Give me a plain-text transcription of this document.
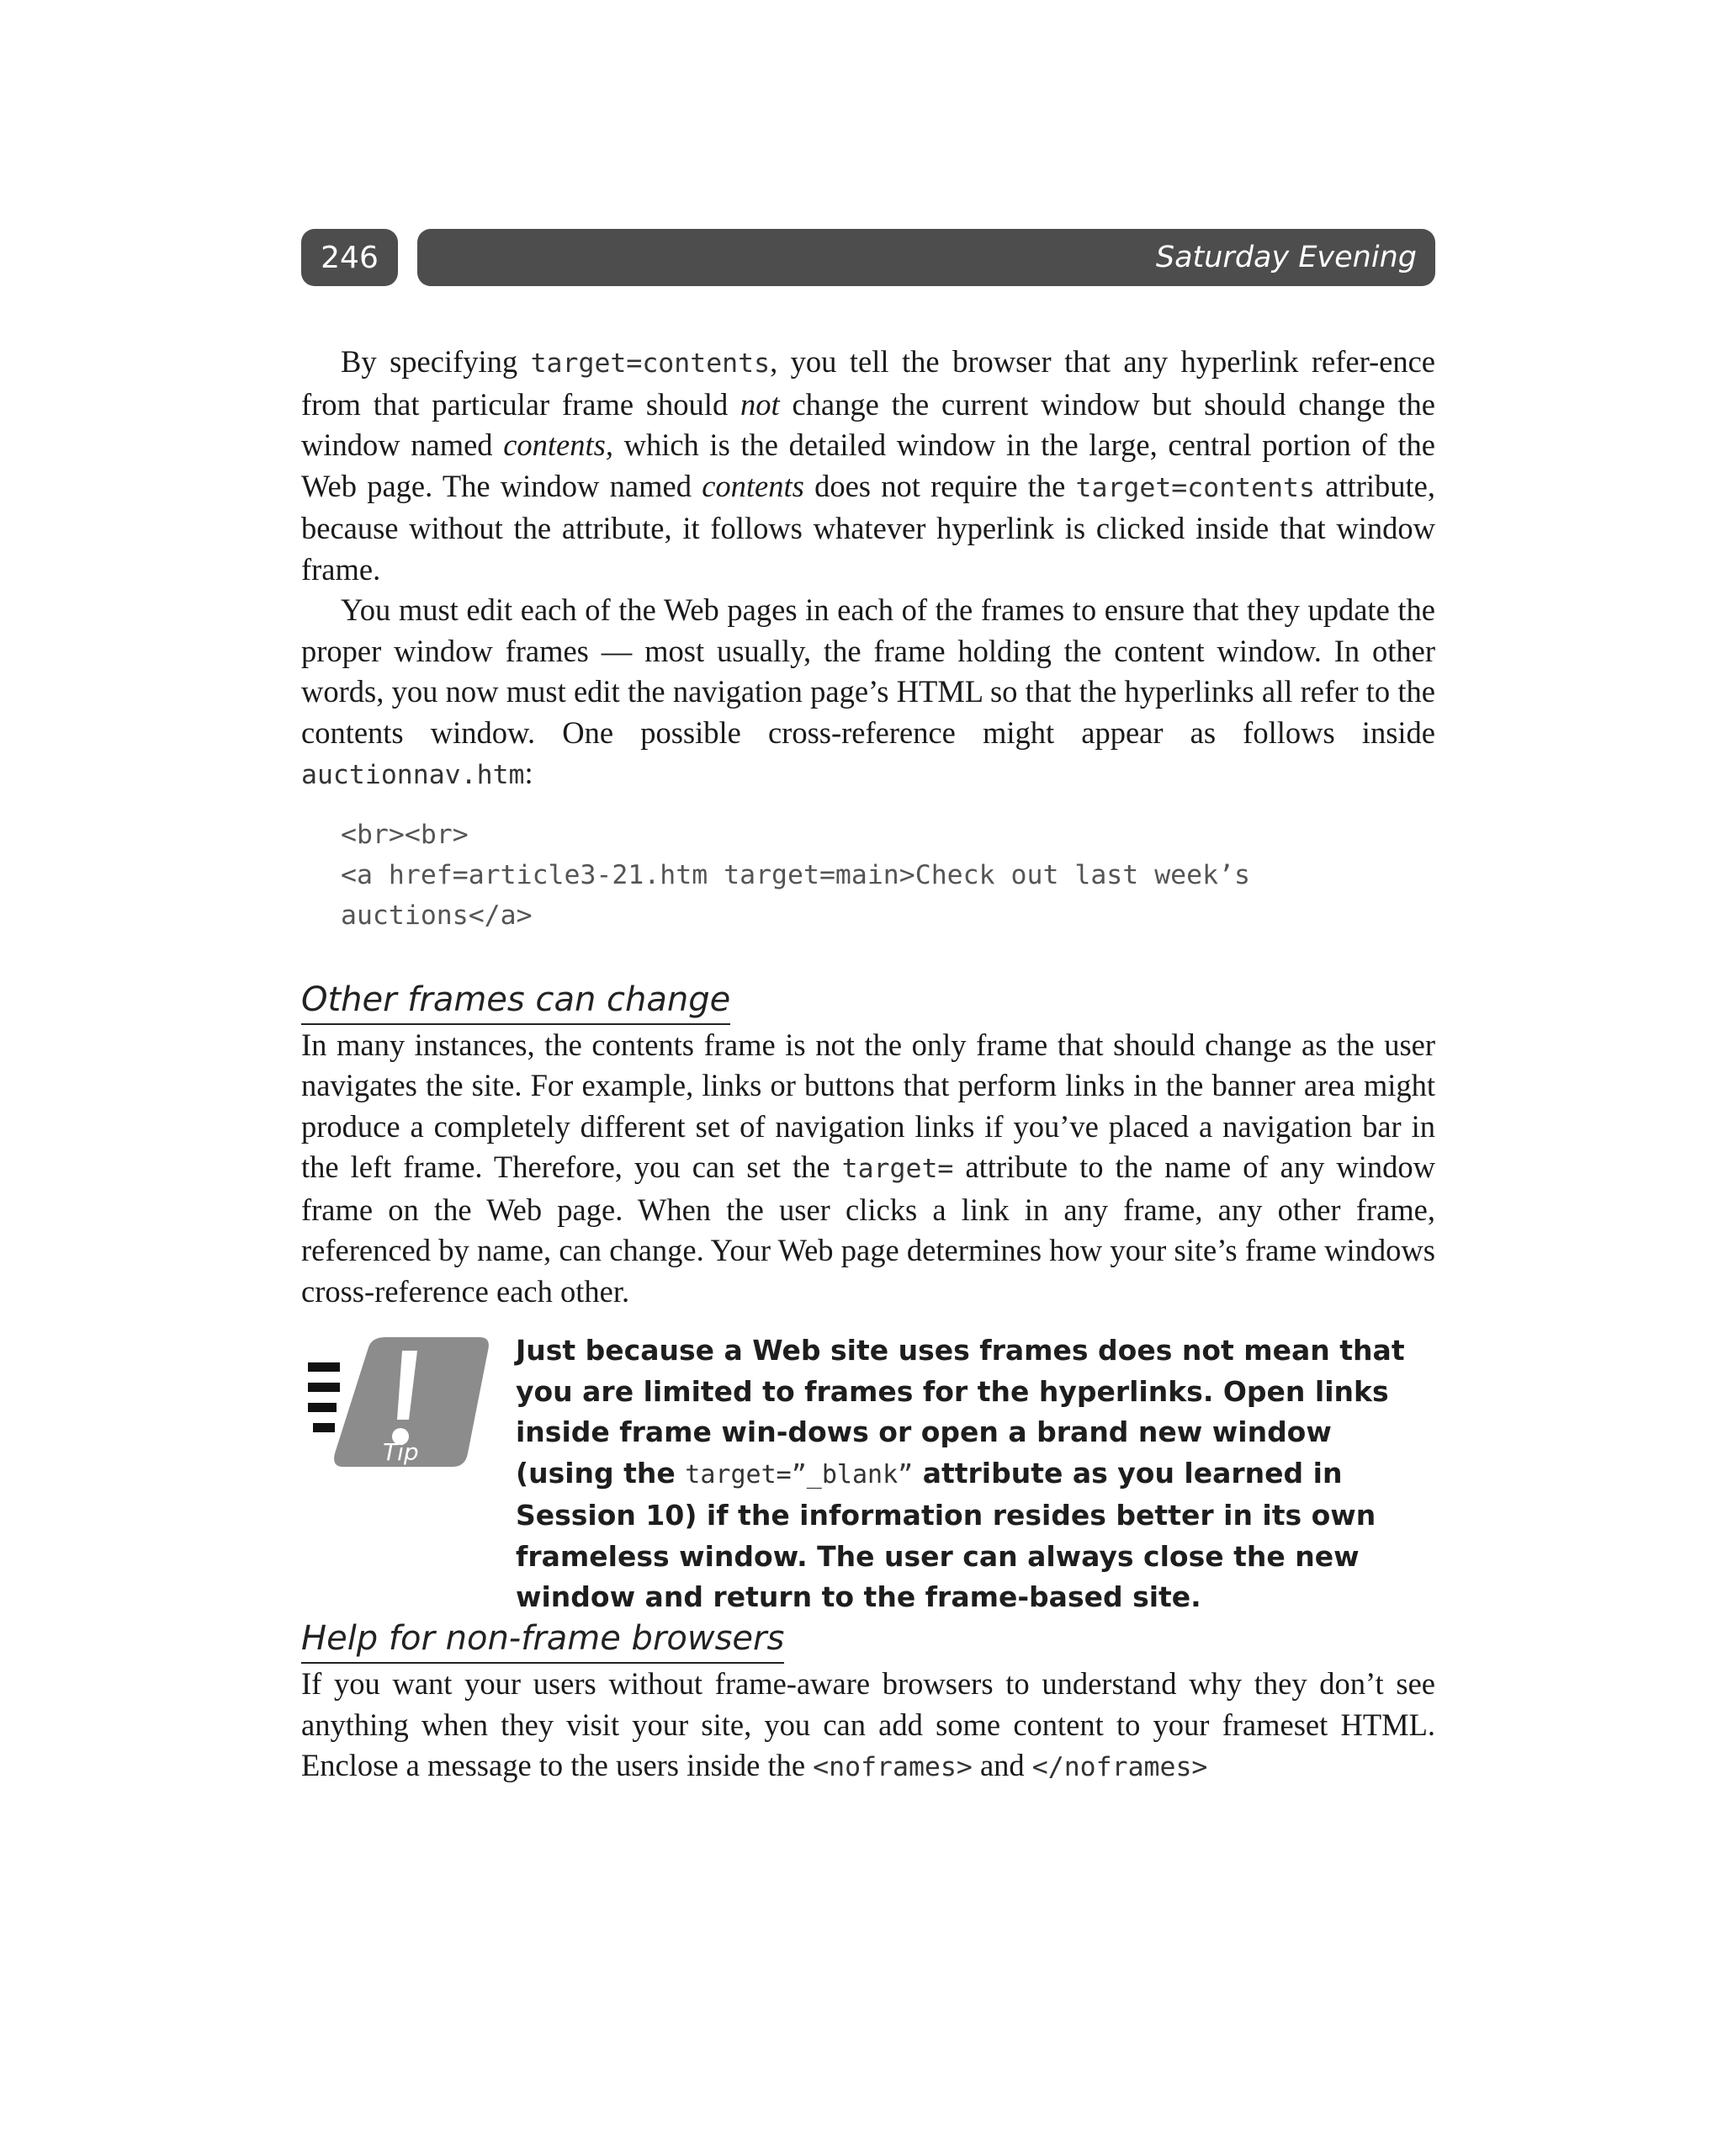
246	Saturday Evening

By specifying target=contents, you tell the browser that any hyperlink refer-ence from that particular frame should not change the current window but should change the window named contents, which is the detailed window in the large, central portion of the Web page. The window named contents does not require the target=contents attribute, because without the attribute, it follows whatever hyperlink is clicked inside that window frame.

You must edit each of the Web pages in each of the frames to ensure that they update the proper window frames — most usually, the frame holding the content window. In other words, you now must edit the navigation page’s HTML so that the hyperlinks all refer to the contents window. One possible cross-reference might appear as follows inside auctionnav.htm:

<br><br>
<a href=article3-21.htm target=main>Check out last week’s
auctions</a>
Other frames can change

In many instances, the contents frame is not the only frame that should change as the user navigates the site. For example, links or buttons that perform links in the banner area might produce a completely different set of navigation links if you’ve placed a navigation bar in the left frame. Therefore, you can set the target= attribute to the name of any window frame on the Web page. When the user clicks a link in any frame, any other frame, referenced by name, can change. Your Web page determines how your site’s frame windows cross-reference each other.

Tip
Just because a Web site uses frames does not mean that you are limited to frames for the hyperlinks. Open links inside frame win-dows or open a brand new window (using the target=”_blank” attribute as you learned in Session 10) if the information resides better in its own frameless window. The user can always close the new window and return to the frame-based site.
Help for non-frame browsers

If you want your users without frame-aware browsers to understand why they don’t see anything when they visit your site, you can add some content to your frameset HTML. Enclose a message to the users inside the <noframes> and </noframes>
